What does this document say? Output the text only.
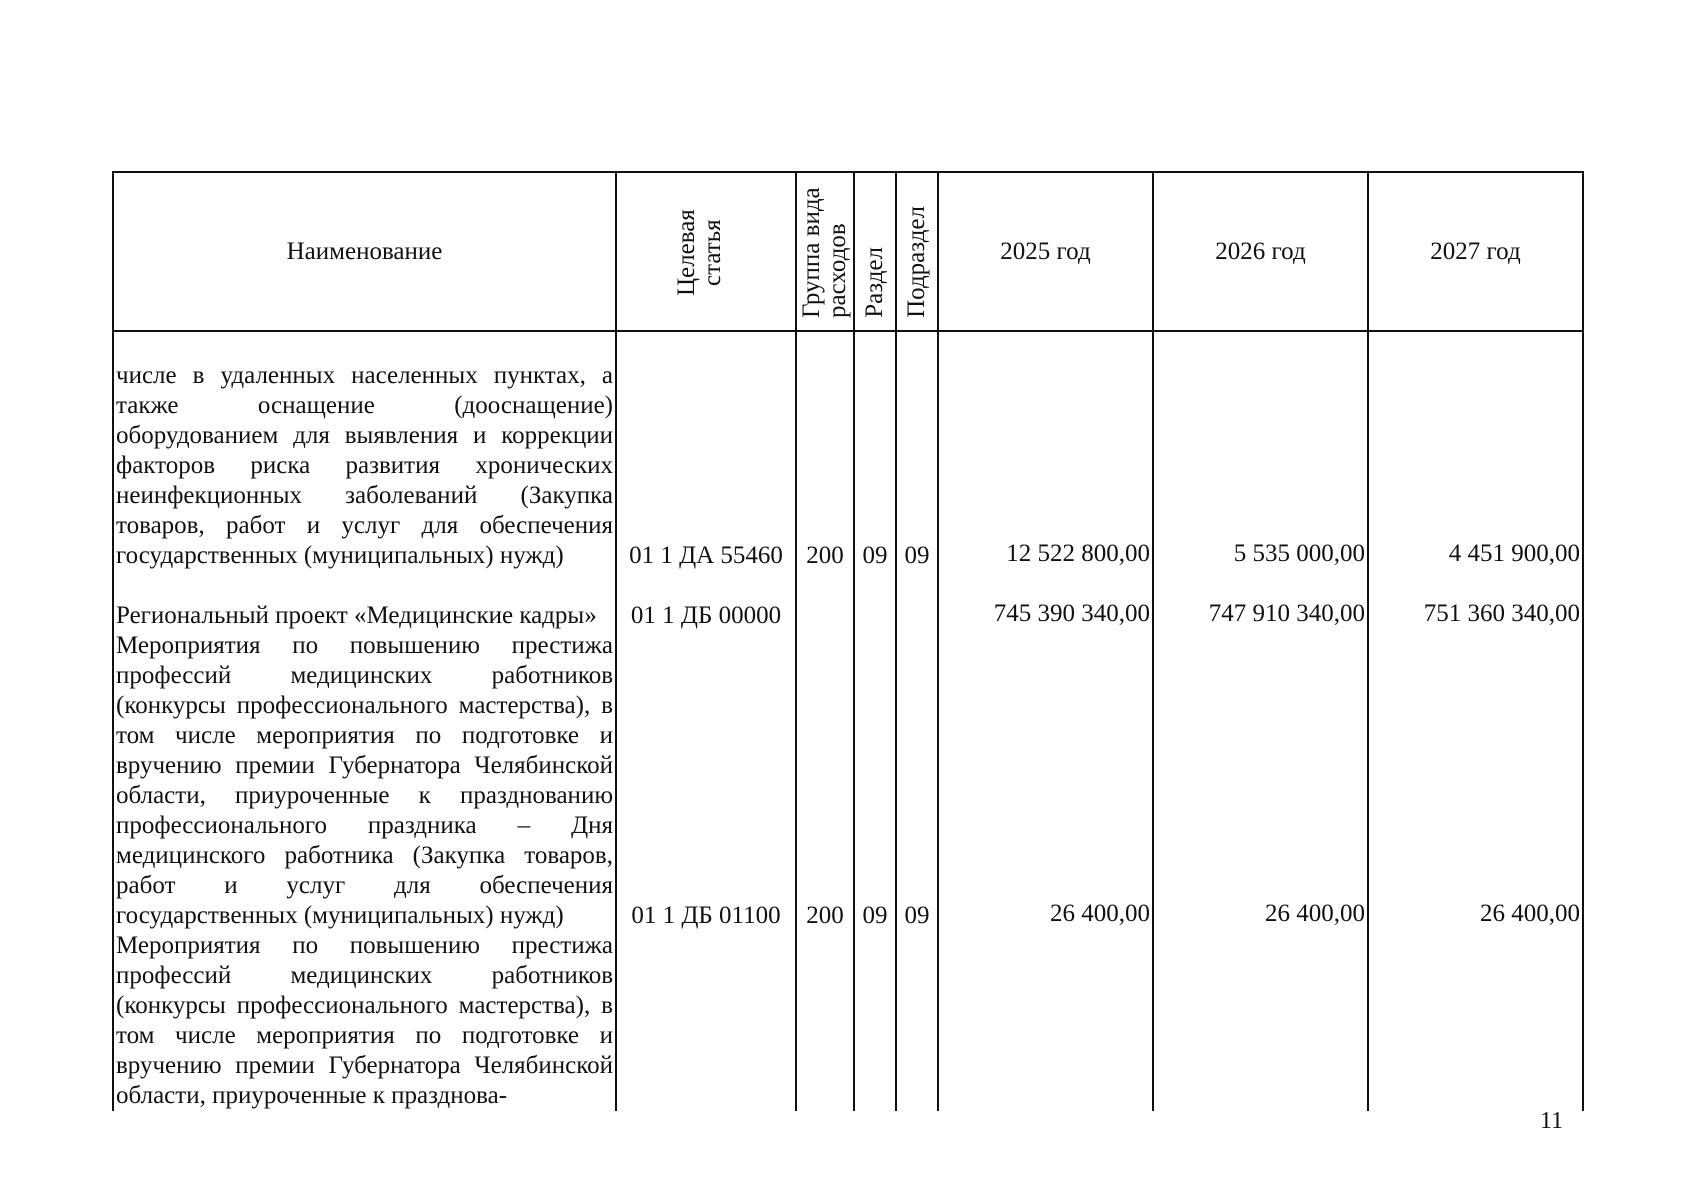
Наименование	Целевая статья	Группа вида расходов	Раздел	Подраздел	2025 год	2026 год	2027 год
числе в удаленных населенных пунктах, а также оснащение (дооснащение) оборудованием для выявления и коррекции факторов риска развития хронических неинфекционных заболеваний (Закупка товаров, работ и услуг для обеспечения государственных (муниципальных) нужд)	01 1 ДА 55460	200	09	09	12 522 800,00	5 535 000,00	4 451 900,00
Региональный проект «Медицинские кадры»	01 1 ДБ 00000				745 390 340,00	747 910 340,00	751 360 340,00
Мероприятия по повышению престижа профессий медицинских работников (конкурсы профессионального мастерства), в том числе мероприятия по подготовке и вручению премии Губернатора Челябинской области, приуроченные к празднованию профессионального праздника – Дня медицинского работника (Закупка товаров, работ и услуг для обеспечения государственных (муниципальных) нужд)	01 1 ДБ 01100	200	09	09	26 400,00	26 400,00	26 400,00
Мероприятия по повышению престижа профессий медицинских работников (конкурсы профессионального мастерства), в том числе мероприятия по подготовке и вручению премии Губернатора Челябинской области, приуроченные к празднова-							
11
